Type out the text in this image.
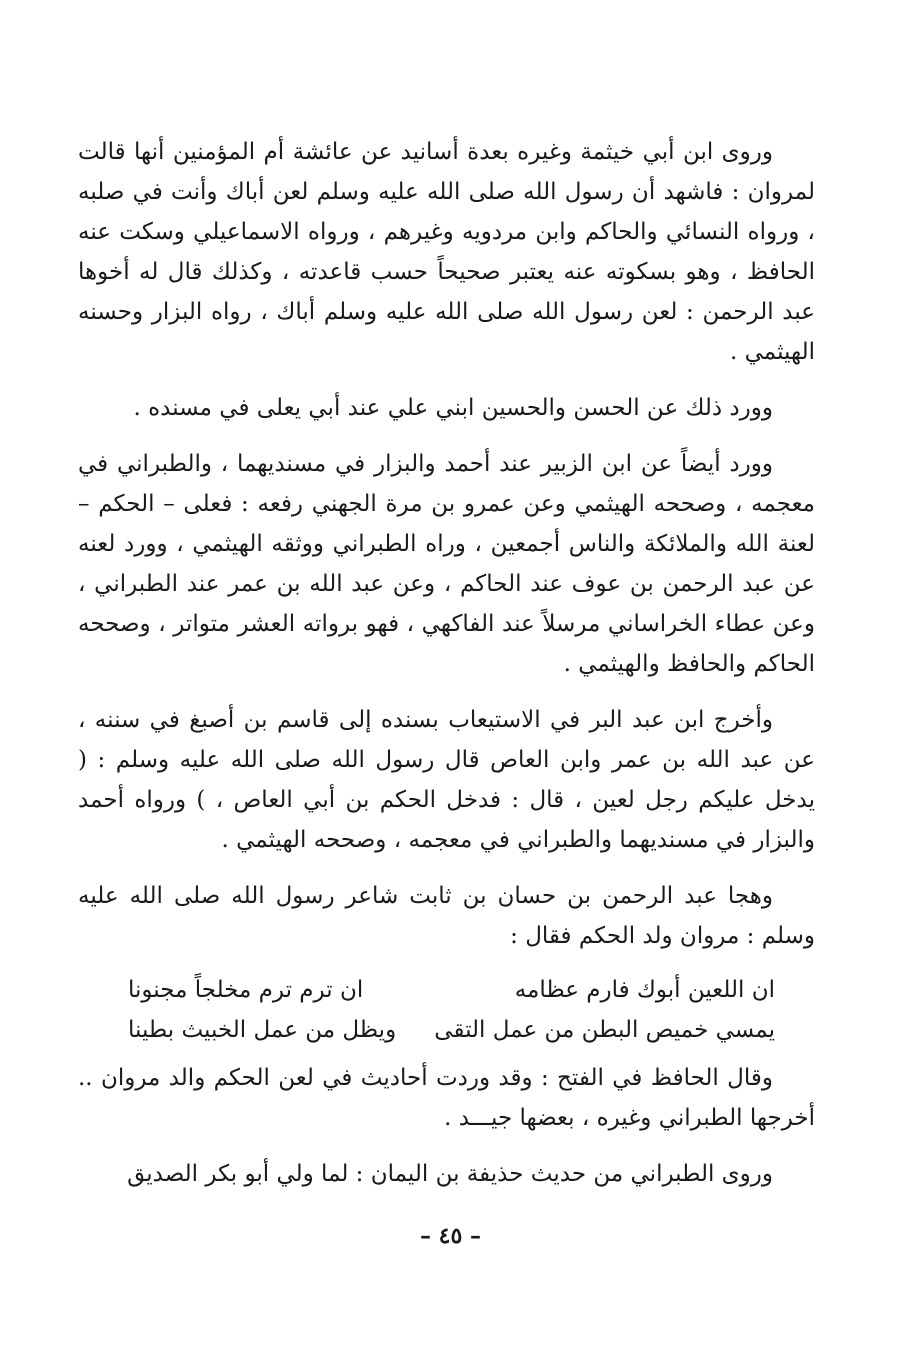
وروى ابن أبي خيثمة وغيره بعدة أسانيد عن عائشة أم المؤمنين أنها قالت لمروان : فاشهد أن رسول الله صلى الله عليه وسلم لعن أباك وأنت في صلبه ، ورواه النسائي والحاكم وابن مردويه وغيرهم ، ورواه الاسماعيلي وسكت عنه الحافظ ، وهو بسكوته عنه يعتبر صحيحاً حسب قاعدته ، وكذلك قال له أخوها عبد الرحمن : لعن رسول الله صلى الله عليه وسلم أباك ، رواه البزار وحسنه الهيثمي .

وورد ذلك عن الحسن والحسين ابني علي عند أبي يعلى في مسنده .

وورد أيضاً عن ابن الزبير عند أحمد والبزار في مسنديهما ، والطبراني في معجمه ، وصححه الهيثمي وعن عمرو بن مرة الجهني رفعه : فعلى – الحكم – لعنة الله والملائكة والناس أجمعين ، وراه الطبراني ووثقه الهيثمي ، وورد لعنه عن عبد الرحمن بن عوف عند الحاكم ، وعن عبد الله بن عمر عند الطبراني ، وعن عطاء الخراساني مرسلاً عند الفاكهي ، فهو برواته العشر متواتر ، وصححه الحاكم والحافظ والهيثمي .

وأخرج ابن عبد البر في الاستيعاب بسنده إلى قاسم بن أصبغ في سننه ، عن عبد الله بن عمر وابن العاص قال رسول الله صلى الله عليه وسلم : ( يدخل عليكم رجل لعين ، قال : فدخل الحكم بن أبي العاص ، ) ورواه أحمد والبزار في مسنديهما والطبراني في معجمه ، وصححه الهيثمي .

وهجا عبد الرحمن بن حسان بن ثابت شاعر رسول الله صلى الله عليه وسلم : مروان ولد الحكم فقال :

ان اللعين أبوك فارم عظامه
ان ترم ترم مخلجاً مجنونا
يمسي خميص البطن من عمل التقى
ويظل من عمل الخبيث بطينا

وقال الحافظ في الفتح : وقد وردت أحاديث في لعن الحكم والد مروان .. أخرجها الطبراني وغيره ، بعضها جيـــد .

وروى الطبراني من حديث حذيفة بن اليمان : لما ولي أبو بكر الصديق

– ٤٥ –
